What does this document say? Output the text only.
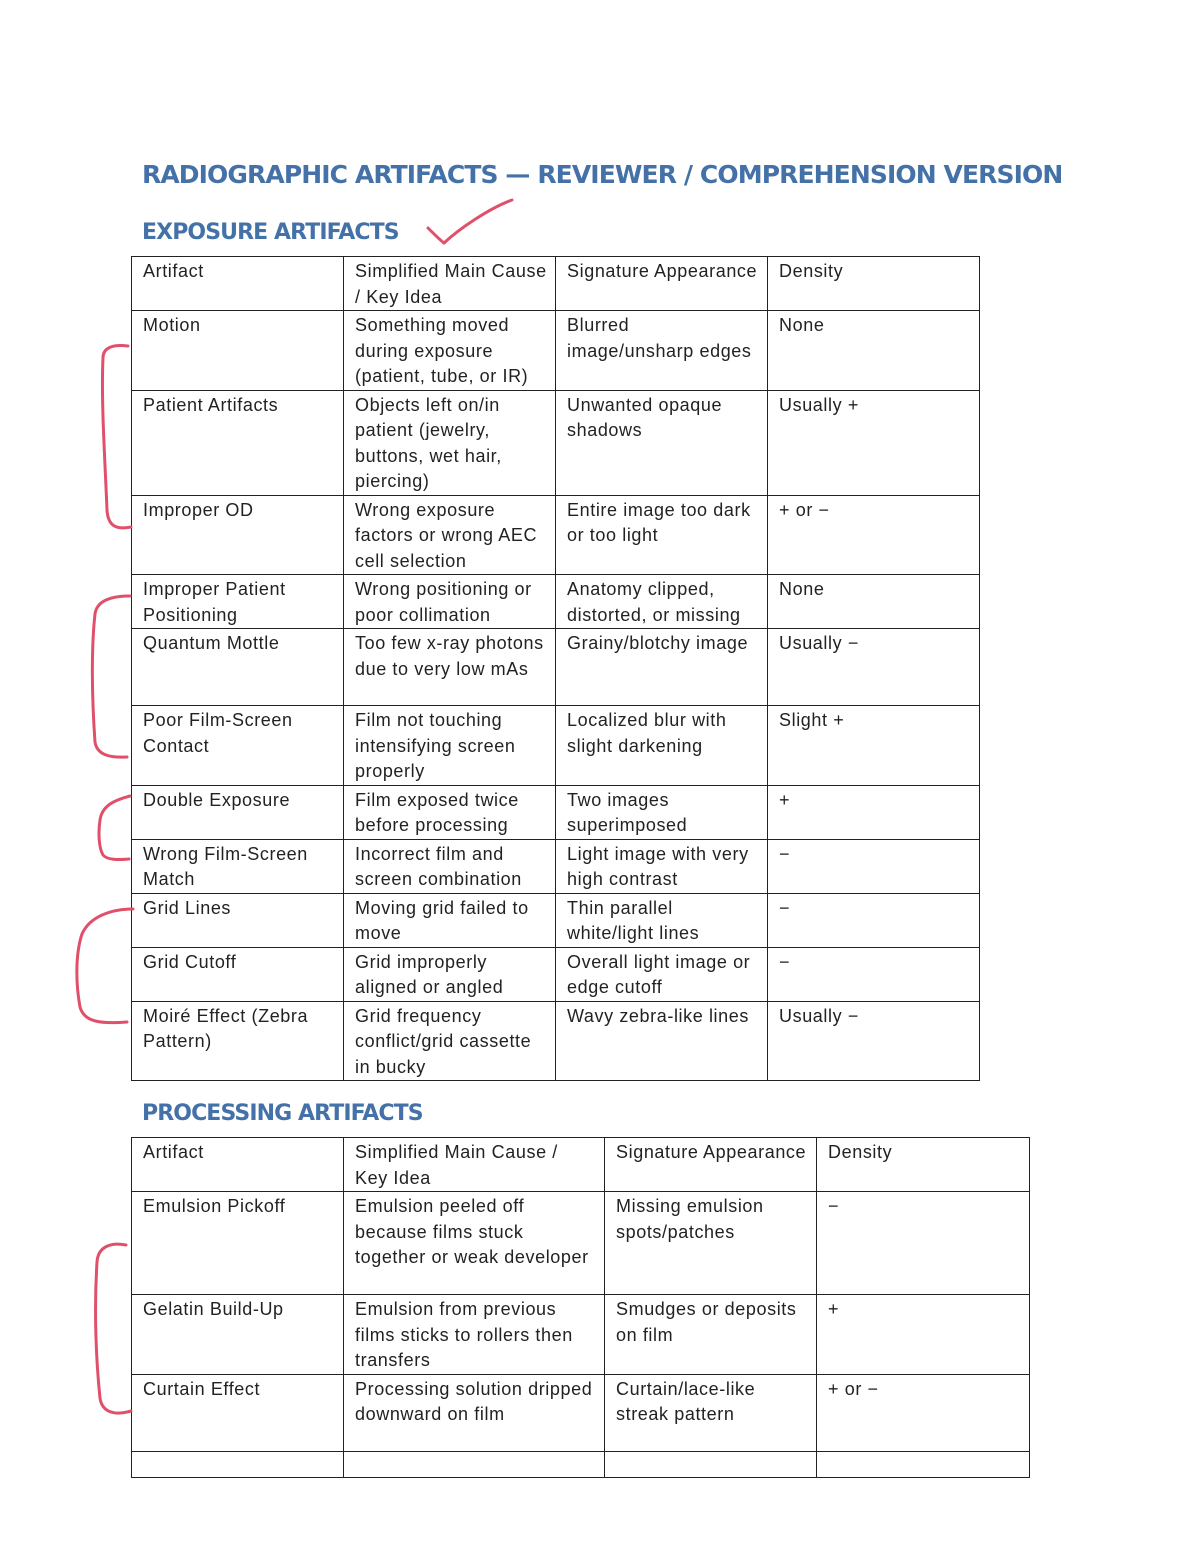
RADIOGRAPHIC ARTIFACTS — REVIEWER / COMPREHENSION VERSION
EXPOSURE ARTIFACTS
Artifact	Simplified Main Cause / Key Idea	Signature Appearance	Density
Motion	Something moved during exposure (patient, tube, or IR)	Blurred image/unsharp edges	None
Patient Artifacts	Objects left on/in patient (jewelry, buttons, wet hair, piercing)	Unwanted opaque shadows	Usually +
Improper OD	Wrong exposure factors or wrong AEC cell selection	Entire image too dark or too light	+ or −
Improper Patient Positioning	Wrong positioning or poor collimation	Anatomy clipped, distorted, or missing	None
Quantum Mottle	Too few x-ray photons due to very low mAs	Grainy/blotchy image	Usually −
Poor Film-Screen Contact	Film not touching intensifying screen properly	Localized blur with slight darkening	Slight +
Double Exposure	Film exposed twice before processing	Two images superimposed	+
Wrong Film-Screen Match	Incorrect film and screen combination	Light image with very high contrast	−
Grid Lines	Moving grid failed to move	Thin parallel white/light lines	−
Grid Cutoff	Grid improperly aligned or angled	Overall light image or edge cutoff	−
Moiré Effect (Zebra Pattern)	Grid frequency conflict/grid cassette in bucky	Wavy zebra-like lines	Usually −
PROCESSING ARTIFACTS
Artifact	Simplified Main Cause / Key Idea	Signature Appearance	Density
Emulsion Pickoff	Emulsion peeled off because films stuck together or weak developer	Missing emulsion spots/patches	−
Gelatin Build-Up	Emulsion from previous films sticks to rollers then transfers	Smudges or deposits on film	+
Curtain Effect	Processing solution dripped downward on film	Curtain/lace-like streak pattern	+ or −
